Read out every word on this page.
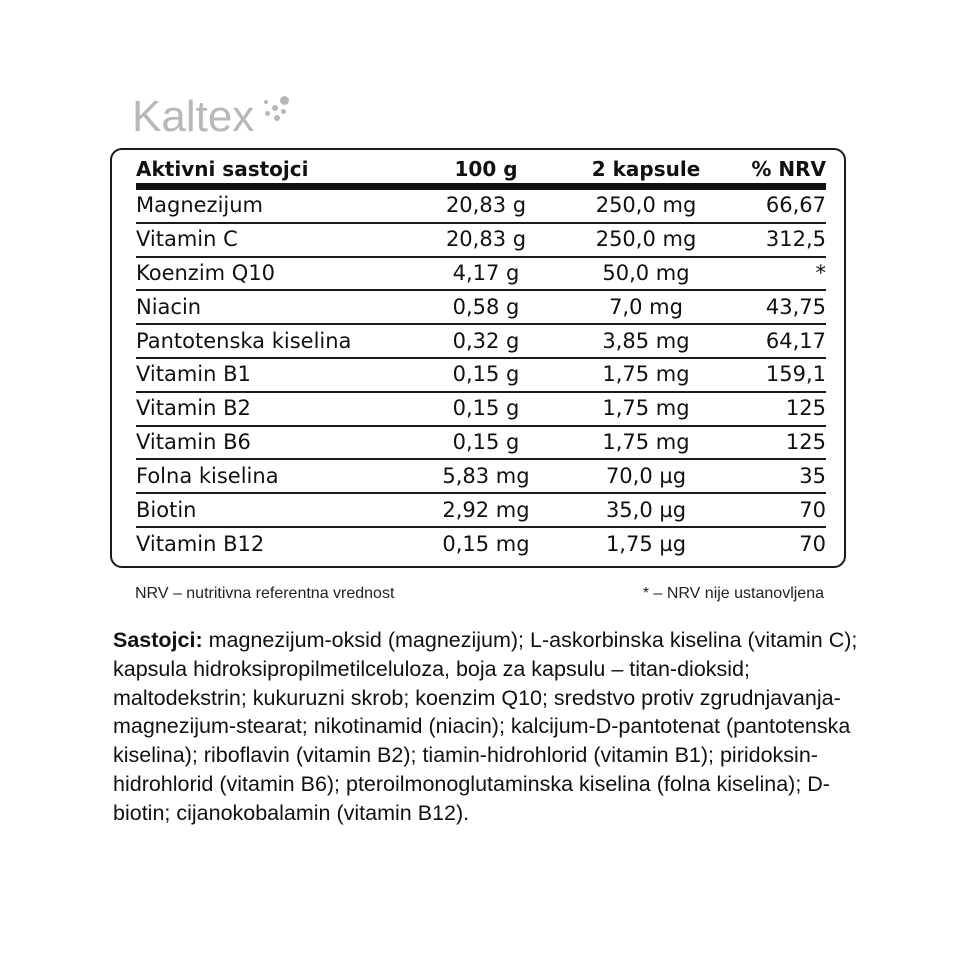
Kaltex
Aktivni sastojci	100 g	2 kapsule	% NRV
Magnezijum	20,83 g	250,0 mg	66,67
Vitamin C	20,83 g	250,0 mg	312,5
Koenzim Q10	4,17 g	50,0 mg	*
Niacin	0,58 g	7,0 mg	43,75
Pantotenska kiselina	0,32 g	3,85 mg	64,17
Vitamin B1	0,15 g	1,75 mg	159,1
Vitamin B2	0,15 g	1,75 mg	125
Vitamin B6	0,15 g	1,75 mg	125
Folna kiselina	5,83 mg	70,0 µg	35
Biotin	2,92 mg	35,0 µg	70
Vitamin B12	0,15 mg	1,75 µg	70
NRV – nutritivna referentna vrednost	* – NRV nije ustanovljena
Sastojci: magnezijum-oksid (magnezijum); L-askorbinska kiselina (vitamin C); kapsula hidroksipropilmetilceluloza, boja za kapsulu – titan-dioksid; maltodekstrin; kukuruzni skrob; koenzim Q10; sredstvo protiv zgrudnjavanja-magnezijum-stearat; nikotinamid (niacin); kalcijum-D-pantotenat (pantotenska kiselina); riboflavin (vitamin B2); tiamin-hidrohlorid (vitamin B1); piridoksin-hidrohlorid (vitamin B6); pteroilmonoglutaminska kiselina (folna kiselina); D-biotin; cijanokobalamin (vitamin B12).
